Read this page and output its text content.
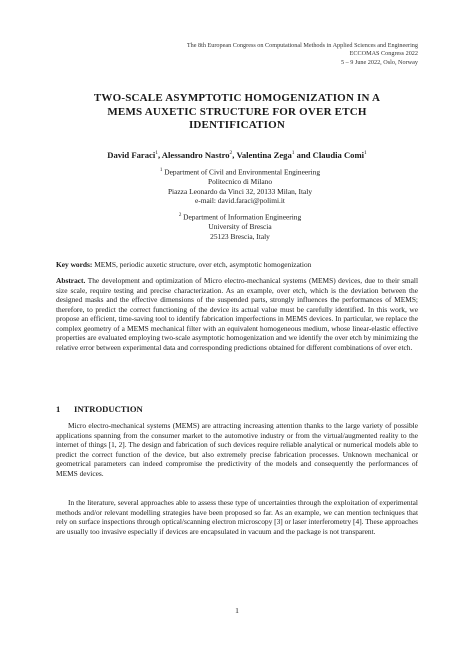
The 8th European Congress on Computational Methods in Applied Sciences and Engineering
ECCOMAS Congress 2022
5 – 9 June 2022, Oslo, Norway
TWO-SCALE ASYMPTOTIC HOMOGENIZATION IN A
MEMS AUXETIC STRUCTURE FOR OVER ETCH
IDENTIFICATION
David Faraci$^1$, Alessandro Nastro$^2$, Valentina Zega$^1$ and Claudia Comi$^1$
$^1$ Department of Civil and Environmental Engineering
Politecnico di Milano
Piazza Leonardo da Vinci 32, 20133 Milan, Italy
e-mail: david.faraci@polimi.it
$^2$ Department of Information Engineering
University of Brescia
25123 Brescia, Italy
Key words: MEMS, periodic auxetic structure, over etch, asymptotic homogenization
Abstract. The development and optimization of Micro electro-mechanical systems (MEMS) devices, due to their small size scale, require testing and precise characterization. As an example, over etch, which is the deviation between the designed masks and the effective dimensions of the suspended parts, strongly influences the performances of MEMS; therefore, to predict the correct functioning of the device its actual value must be carefully identified. In this work, we propose an efficient, time-saving tool to identify fabrication imperfections in MEMS devices. In particular, we replace the complex geometry of a MEMS mechanical filter with an equivalent homogeneous medium, whose linear-elastic effective properties are evaluated employing two-scale asymptotic homogenization and we identify the over etch by minimizing the relative error between experimental data and corresponding predictions obtained for different combinations of over etch.
1 INTRODUCTION
Micro electro-mechanical systems (MEMS) are attracting increasing attention thanks to the large variety of possible applications spanning from the consumer market to the automotive industry or from the virtual/augmented reality to the internet of things [1, 2]. The design and fabrication of such devices require reliable analytical or numerical models able to predict the correct function of the device, but also extremely precise fabrication processes. Unknown mechanical or geometrical parameters can indeed compromise the predictivity of the models and consequently the performances of MEMS devices.
In the literature, several approaches able to assess these type of uncertainties through the exploitation of experimental methods and/or relevant modelling strategies have been proposed so far. As an example, we can mention techniques that rely on surface inspections through optical/scanning electron microscopy [3] or laser interferometry [4]. These approaches are usually too invasive especially if devices are encapsulated in vacuum and the package is not transparent.
1
